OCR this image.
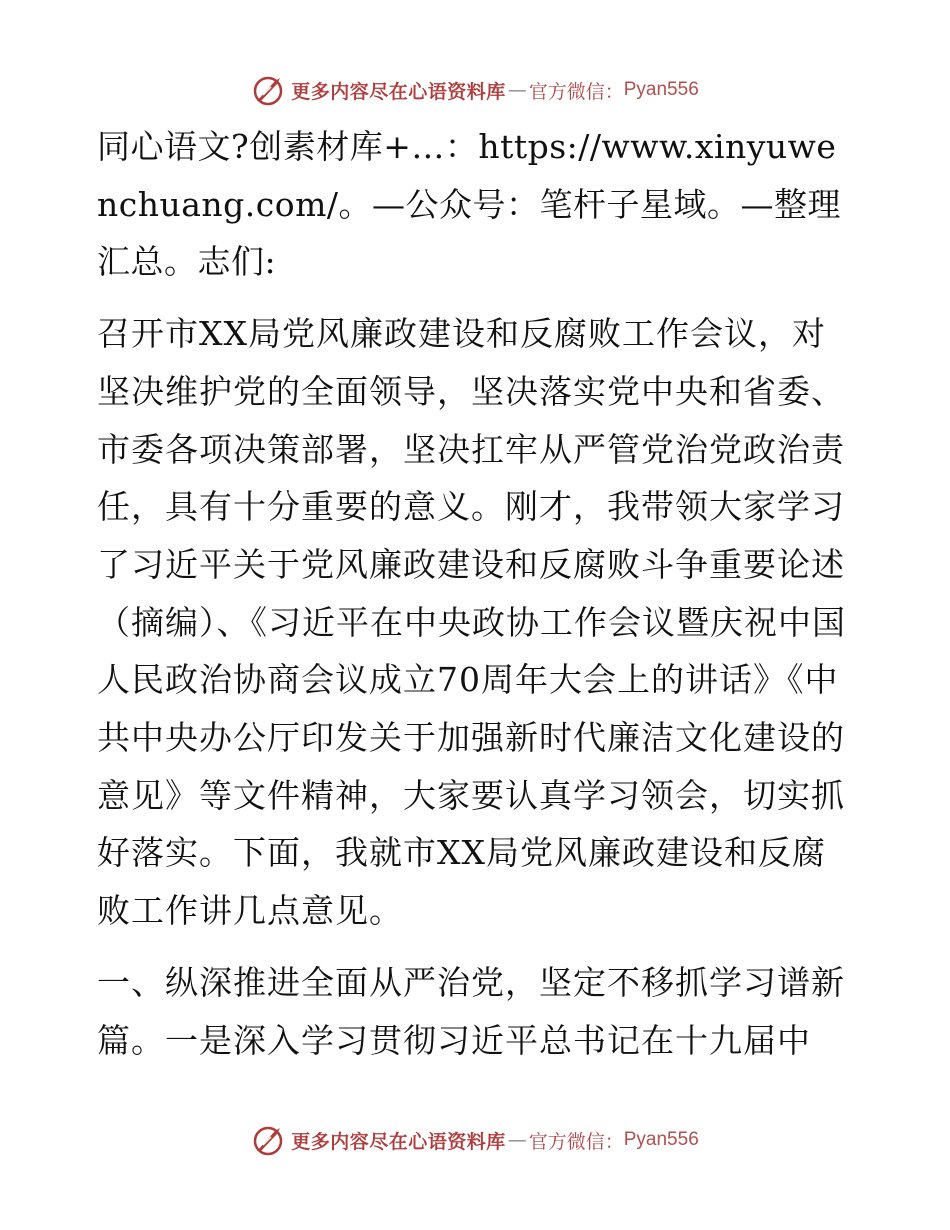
更多内容尽在心语资料库 — 官方微信： Pyan556

同心语文?创素材库+…：https://www.xinyuwenchuang.com/。—公众号：笔杆子星域。—整理汇总。志们:

召开市XX局党风廉政建设和反腐败工作会议，对坚决维护党的全面领导，坚决落实党中央和省委、市委各项决策部署，坚决扛牢从严管党治党政治责任，具有十分重要的意义。刚才，我带领大家学习了习近平关于党风廉政建设和反腐败斗争重要论述（摘编）、《习近平在中央政协工作会议暨庆祝中国人民政治协商会议成立70周年大会上的讲话》《中共中央办公厅印发关于加强新时代廉洁文化建设的意见》等文件精神，大家要认真学习领会，切实抓好落实。下面，我就市XX局党风廉政建设和反腐败工作讲几点意见。

一、纵深推进全面从严治党，坚定不移抓学习谱新篇。一是深入学习贯彻习近平总书记在十九届中

更多内容尽在心语资料库 — 官方微信： Pyan556
